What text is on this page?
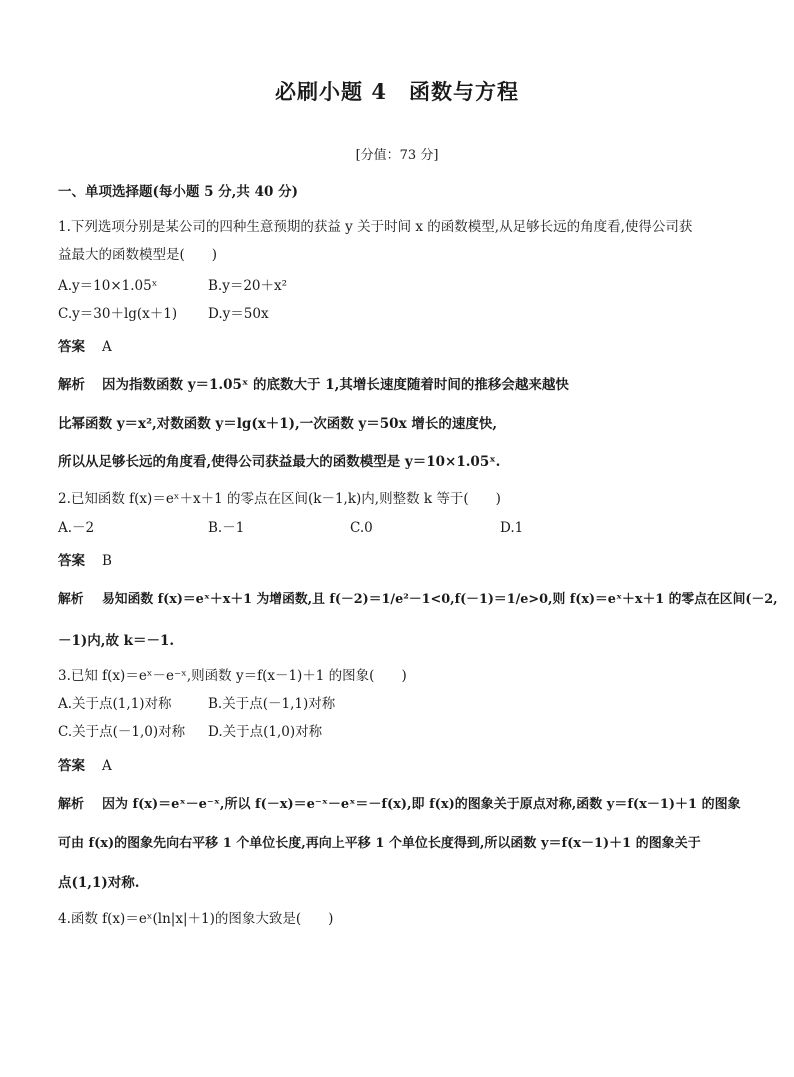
必刷小题 4　函数与方程
[分值：73 分]
一、单项选择题(每小题 5 分,共 40 分)
1.下列选项分别是某公司的四种生意预期的获益 y 关于时间 x 的函数模型,从足够长远的角度看,使得公司获
益最大的函数模型是(　　)
A.y＝10×1.05ˣ	B.y＝20＋x²
C.y＝30＋lg(x＋1) D.y＝50x
答案 A
解析 因为指数函数 y＝1.05ˣ 的底数大于 1,其增长速度随着时间的推移会越来越快
比幂函数 y＝x²,对数函数 y＝lg(x＋1),一次函数 y＝50x 增长的速度快,
所以从足够长远的角度看,使得公司获益最大的函数模型是 y＝10×1.05ˣ.
2.已知函数 f(x)＝eˣ＋x＋1 的零点在区间(k－1,k)内,则整数 k 等于(　　)
A.－2	B.－1	C.0	D.1
答案 B
解析 易知函数 f(x)＝eˣ＋x＋1 为增函数,且 f(－2)＝1/e²－1<0,f(－1)＝1/e>0,则 f(x)＝eˣ＋x＋1 的零点在区间(－2,
－1)内,故 k＝－1.
3.已知 f(x)＝eˣ－e⁻ˣ,则函数 y＝f(x－1)＋1 的图象(　　)
A.关于点(1,1)对称	B.关于点(－1,1)对称
C.关于点(－1,0)对称 D.关于点(1,0)对称
答案 A
解析 因为 f(x)＝eˣ－e⁻ˣ,所以 f(－x)＝e⁻ˣ－eˣ＝－f(x),即 f(x)的图象关于原点对称,函数 y＝f(x－1)＋1 的图象
可由 f(x)的图象先向右平移 1 个单位长度,再向上平移 1 个单位长度得到,所以函数 y＝f(x－1)＋1 的图象关于
点(1,1)对称.
4.函数 f(x)＝eˣ(ln|x|＋1)的图象大致是(　　)
